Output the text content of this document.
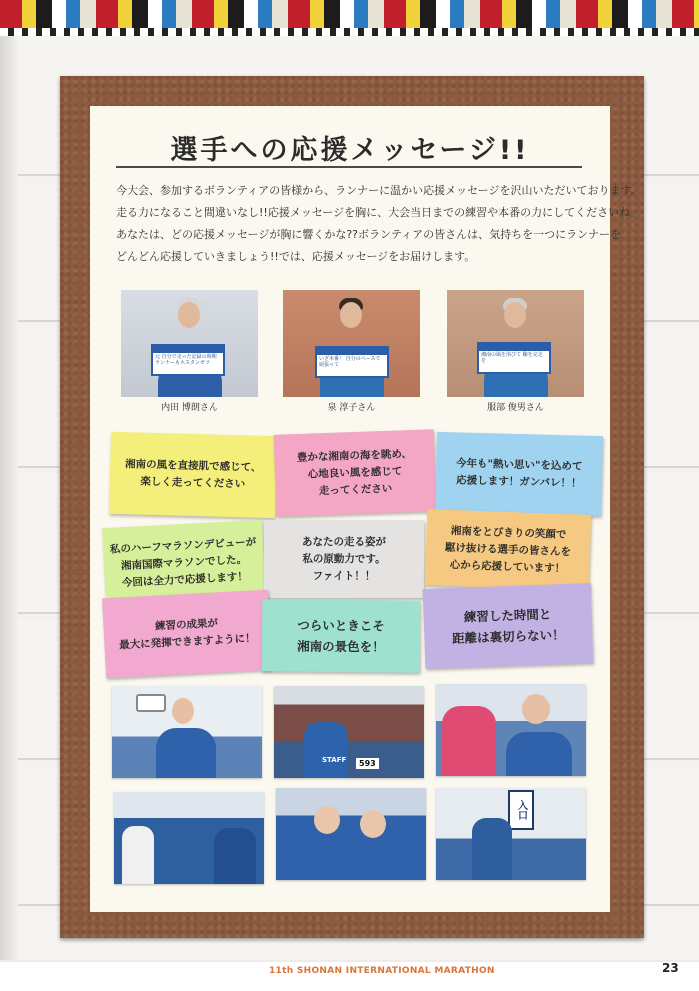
選手への応援メッセージ!!

今大会、参加するボランティアの皆様から、ランナーに温かい応援メッセージを沢山いただいております。

走る力になること間違いなし!!応援メッセージを胸に、大会当日までの練習や本番の力にしてくださいね。

あなたは、どの応援メッセージが胸に響くかな??ボランティアの皆さんは、気持ちを一つにランナーを

どんどん応援していきましょう!!では、応援メッセージをお届けします。

元 自分で走った記録の時期 ランナーもホスタンゼツ
内田 博朗さん
いざ本番！ 自分のペースで頑張って
泉 淳子さん
湘南の風を浴びて 鞠を完走を
服部 俊男さん
湘南の風を直接肌で感じて、
楽しく走ってください
豊かな湘南の海を眺め、
心地良い風を感じて
走ってください
今年も"熱い思い"を込めて
応援します！ガンバレ！！
私のハーフマラソンデビューが
湘南国際マラソンでした。
今回は全力で応援します！
あなたの走る姿が
私の原動力です。
ファイト！！
湘南をとびきりの笑顔で
駆け抜ける選手の皆さんを
心から応援しています！
練習の成果が
最大に発揮できますように！
つらいときこそ
湘南の景色を！
練習した時間と
距離は裏切らない！
STAFF	593
入口
11th SHONAN INTERNATIONAL MARATHON	23
